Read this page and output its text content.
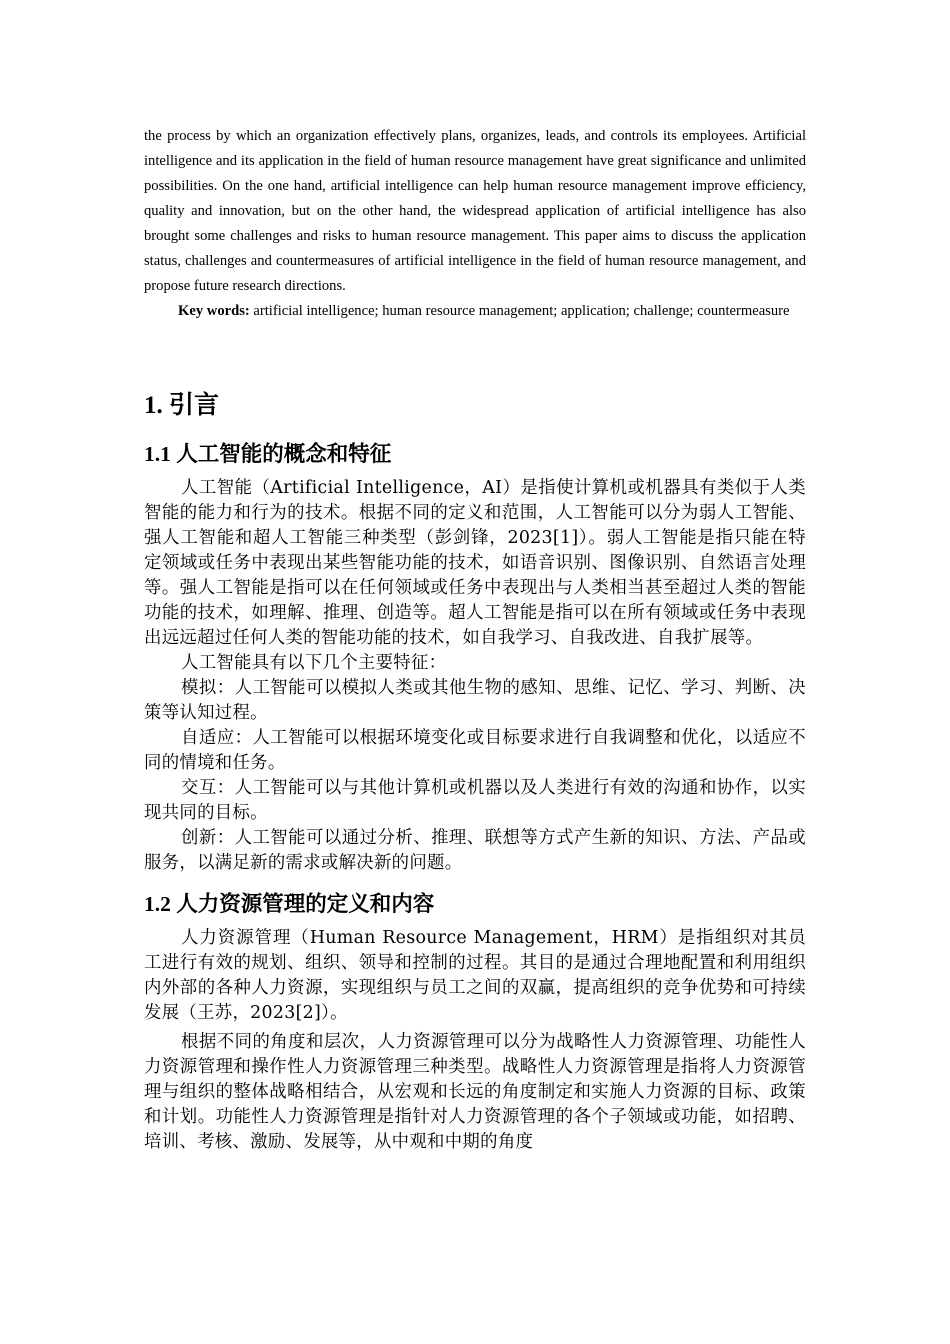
the process by which an organization effectively plans, organizes, leads, and controls its employees. Artificial intelligence and its application in the field of human resource management have great significance and unlimited possibilities. On the one hand, artificial intelligence can help human resource management improve efficiency, quality and innovation, but on the other hand, the widespread application of artificial intelligence has also brought some challenges and risks to human resource management. This paper aims to discuss the application status, challenges and countermeasures of artificial intelligence in the field of human resource management, and propose future research directions.

Key words: artificial intelligence; human resource management; application; challenge; countermeasure

1. 引言
1.1 人工智能的概念和特征

人工智能（Artificial Intelligence，AI）是指使计算机或机器具有类似于人类智能的能力和行为的技术。根据不同的定义和范围，人工智能可以分为弱人工智能、强人工智能和超人工智能三种类型（彭剑锋，2023[1]）。弱人工智能是指只能在特定领域或任务中表现出某些智能功能的技术，如语音识别、图像识别、自然语言处理等。强人工智能是指可以在任何领域或任务中表现出与人类相当甚至超过人类的智能功能的技术，如理解、推理、创造等。超人工智能是指可以在所有领域或任务中表现出远远超过任何人类的智能功能的技术，如自我学习、自我改进、自我扩展等。

人工智能具有以下几个主要特征：

模拟：人工智能可以模拟人类或其他生物的感知、思维、记忆、学习、判断、决策等认知过程。

自适应：人工智能可以根据环境变化或目标要求进行自我调整和优化，以适应不同的情境和任务。

交互：人工智能可以与其他计算机或机器以及人类进行有效的沟通和协作，以实现共同的目标。

创新：人工智能可以通过分析、推理、联想等方式产生新的知识、方法、产品或服务，以满足新的需求或解决新的问题。

1.2 人力资源管理的定义和内容

人力资源管理（Human Resource Management，HRM）是指组织对其员工进行有效的规划、组织、领导和控制的过程。其目的是通过合理地配置和利用组织内外部的各种人力资源，实现组织与员工之间的双赢，提高组织的竞争优势和可持续发展（王苏，2023[2]）。

根据不同的角度和层次，人力资源管理可以分为战略性人力资源管理、功能性人力资源管理和操作性人力资源管理三种类型。战略性人力资源管理是指将人力资源管理与组织的整体战略相结合，从宏观和长远的角度制定和实施人力资源的目标、政策和计划。功能性人力资源管理是指针对人力资源管理的各个子领域或功能，如招聘、培训、考核、激励、发展等，从中观和中期的角度
